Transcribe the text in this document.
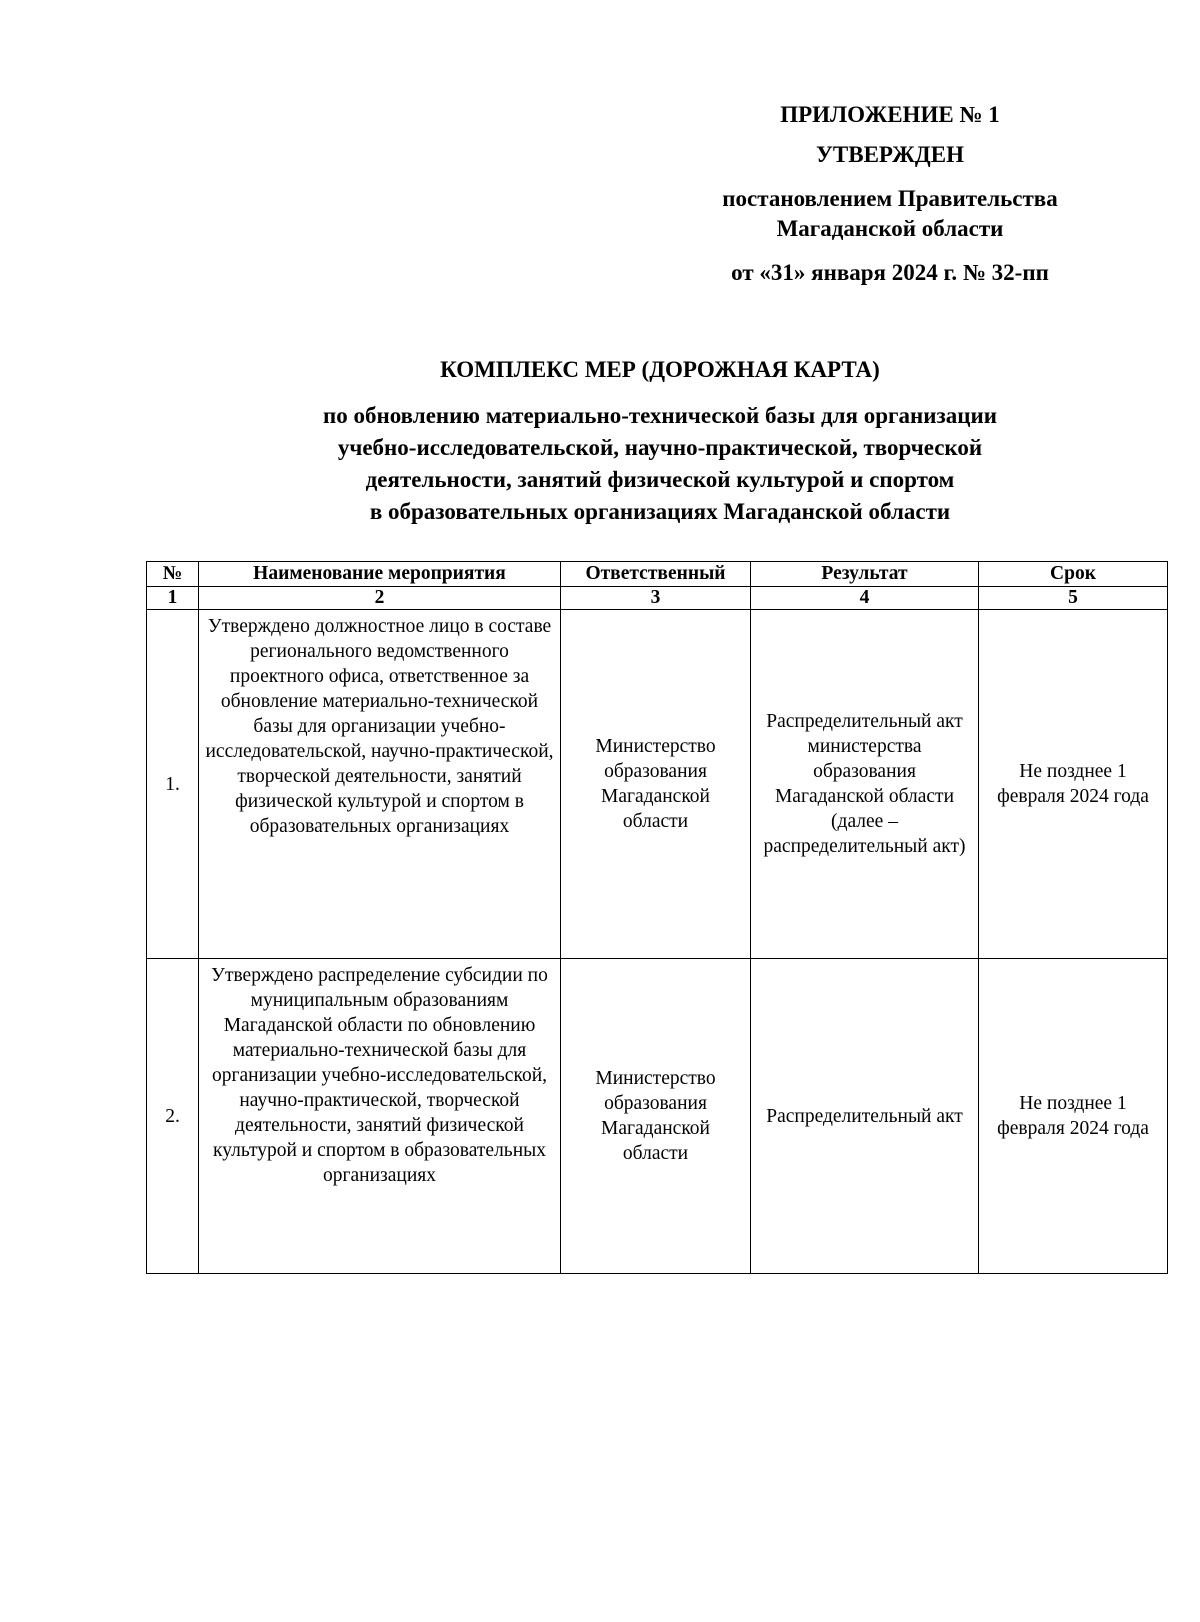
ПРИЛОЖЕНИЕ № 1
УТВЕРЖДЕН
постановлением Правительства
Магаданской области
от «31» января 2024 г. № 32-пп
КОМПЛЕКС МЕР (ДОРОЖНАЯ КАРТА)
по обновлению материально-технической базы для организации
учебно-исследовательской, научно-практической, творческой
деятельности, занятий физической культурой и спортом
в образовательных организациях Магаданской области
№	Наименование мероприятия	Ответственный	Результат	Срок
1	2	3	4	5
1.	Утверждено должностное лицо в составе регионального ведомственного проектного офиса, ответственное за обновление материально-технической базы для организации учебно-исследовательской, научно-практической, творческой деятельности, занятий физической культурой и спортом в образовательных организациях	Министерство образования Магаданской области	Распределительный акт министерства образования Магаданской области (далее – распределительный акт)	Не позднее 1 февраля 2024 года
2.	Утверждено распределение субсидии по муниципальным образованиям Магаданской области по обновлению материально-технической базы для организации учебно-исследовательской, научно-практической, творческой деятельности, занятий физической культурой и спортом в образовательных организациях	Министерство образования Магаданской области	Распределительный акт	Не позднее 1 февраля 2024 года
